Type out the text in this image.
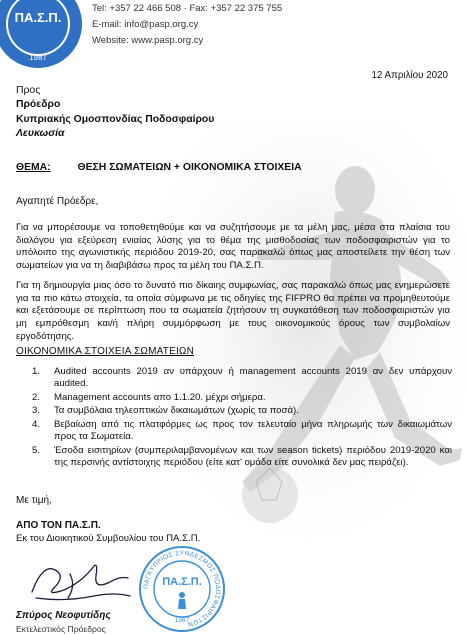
ΠΑ.Σ.Π.
1987
Tel: +357 22 466 508 · Fax: +357 22 375 755
E-mail: info@pasp.org.cy
Website: www.pasp.org.cy
12 Απριλίου 2020
Προς
Πρόεδρο
Κυπριακής Ομοσπονδίας Ποδοσφαίρου
Λευκωσία
ΘΕΜΑ:	ΘΕΣΗ ΣΩΜΑΤΕΙΩΝ + ΟΙΚΟΝΟΜΙΚΑ ΣΤΟΙΧΕΙΑ
Αγαπητέ Πρόεδρε,
Για να μπορέσουμε να τοποθετηθούμε και να συζητήσουμε με τα μέλη μας, μέσα στα πλαίσια του διαλόγου για εξεύρεση ενιαίας λύσης για το θέμα της μισθοδοσίας των ποδοσφαιριστών για το υπόλοιπο της αγωνιστικής περιόδου 2019-20, σας παρακαλώ όπως μας αποστείλετε την θέση των σωματείων για να τη διαβιβάσω προς τα μέλη του ΠΑ.Σ.Π.
Για τη δημιουργία μιας όσο το δυνατό πιο δίκαιης συμφωνίας, σας παρακαλώ όπως μας ενημερώσετε για τα πιο κάτω στοιχεία, τα οποία σύμφωνα με τις οδηγίες της FIFPRO θα πρέπει να προμηθευτούμε και εξετάσουμε σε περίπτωση που τα σωματεία ζητήσουν τη συγκατάθεση των ποδοσφαιριστών για μη εμπρόθεσμη και/ή πλήρη συμμόρφωση με τους οικονομικούς όρους των συμβολαίων εργοδότησης.
ΟΙΚΟΝΟΜΙΚΑ ΣΤΟΙΧΕΙΑ ΣΩΜΑΤΕΙΩΝ
1. Audited accounts 2019 αν υπάρχουν ή management accounts 2019 αν δεν υπάρχουν audited.
2. Management accounts απο 1.1.20. μέχρι σήμερα.
3. Τα συμβόλαια τηλεοπτικών δικαιωμάτων (χωρίς τα ποσά).
4. Βεβαίωση από τις πλατφόρμες ως προς τον τελευταίο μήνα πληρωμής των δικαιωμάτων προς τα Σωματεία.
5. Έσοδα εισιτηρίων (συμπεριλαμβανομένων και των season tickets) περιόδου 2019-2020 και της περσινής αντίστοιχης περιόδου (είτε κατ' ομάδα είτε συνολικά δεν μας πειράζει).
Με τιμή,
ΑΠΟ ΤΟΝ ΠΑ.Σ.Π.
Εκ του Διοικητικού Συμβουλίου του ΠΑ.Σ.Π.
ΠΑΓΚΥΠΡΙΟΣ ΣΥΝΔΕΣΜΟΣ ΠΟΔΟΣΦΑΙΡΙΣΤΩΝ
ΠΑ.Σ.Π.
1987
Σπύρος Νεοφυτίδης
Εκτελεστικός Πρόεδρος
